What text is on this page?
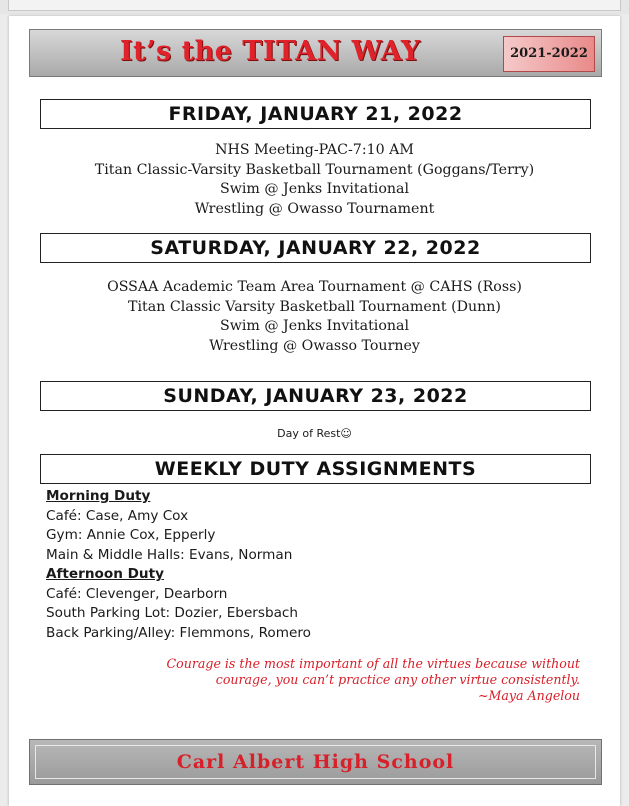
It’s the TITAN WAY	2021-2022
FRIDAY, JANUARY 21, 2022
NHS Meeting-PAC-7:10 AM
Titan Classic-Varsity Basketball Tournament (Goggans/Terry)
Swim @ Jenks Invitational
Wrestling @ Owasso Tournament
SATURDAY, JANUARY 22, 2022
OSSAA Academic Team Area Tournament @ CAHS (Ross)
Titan Classic Varsity Basketball Tournament (Dunn)
Swim @ Jenks Invitational
Wrestling @ Owasso Tourney
SUNDAY, JANUARY 23, 2022
Day of Rest☺
WEEKLY DUTY ASSIGNMENTS
Morning Duty
Café: Case, Amy Cox
Gym: Annie Cox, Epperly
Main & Middle Halls: Evans, Norman
Afternoon Duty
Café: Clevenger, Dearborn
South Parking Lot: Dozier, Ebersbach
Back Parking/Alley: Flemmons, Romero
Courage is the most important of all the virtues because without
courage, you can’t practice any other virtue consistently.
~Maya Angelou
Carl Albert High School
